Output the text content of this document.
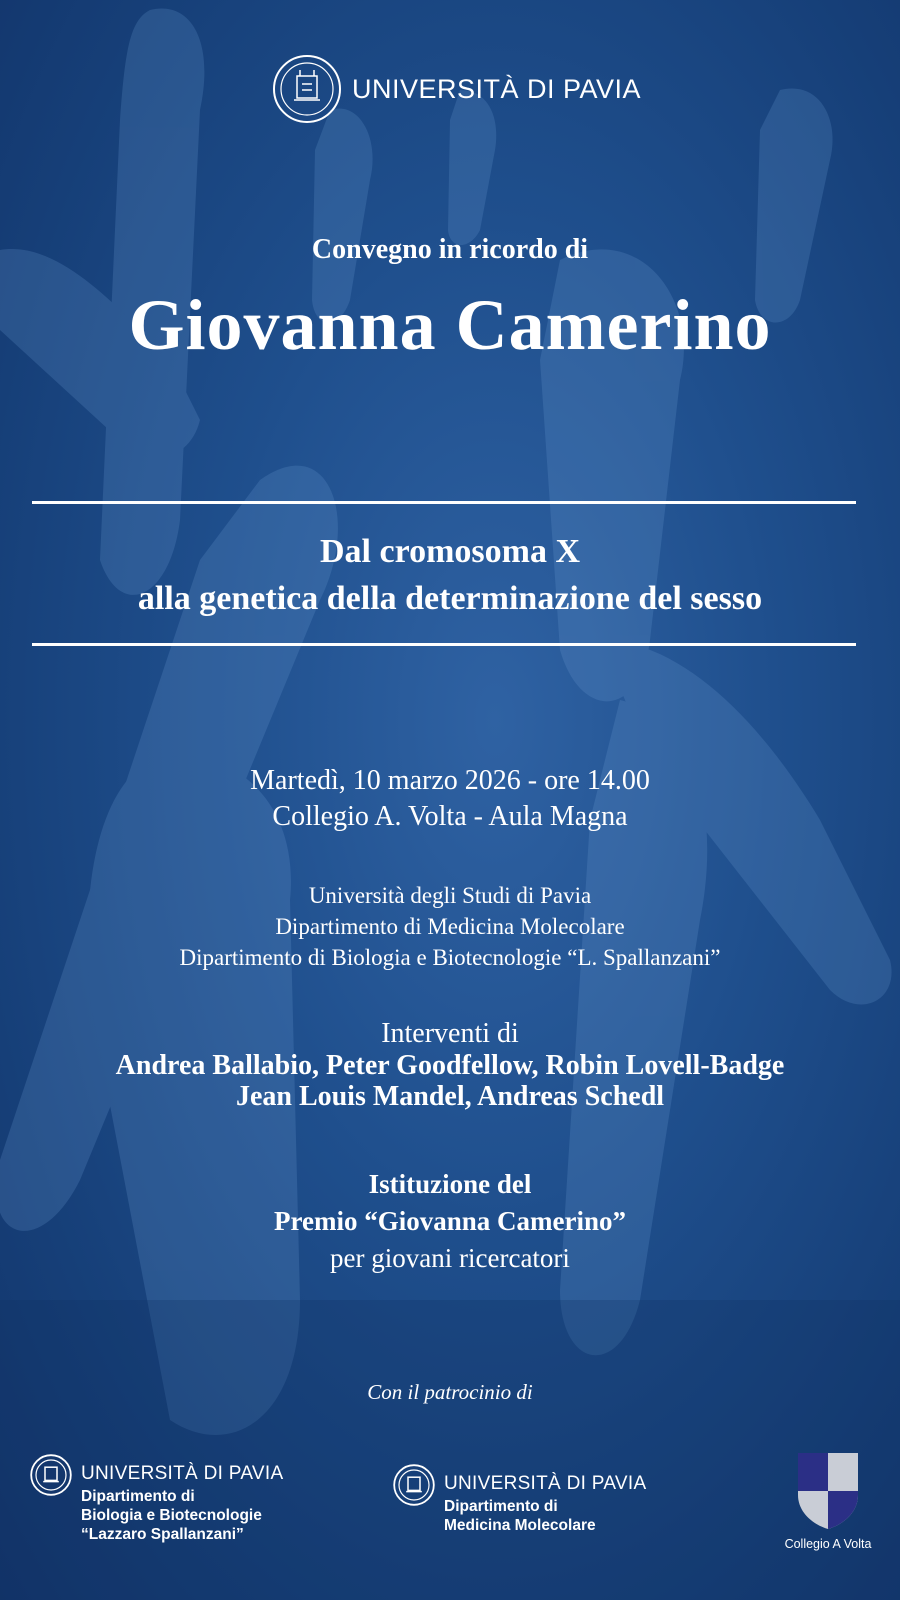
UNIVERSITÀ DI PAVIA
Convegno in ricordo di
Giovanna Camerino
Dal cromosoma X
alla genetica della determinazione del sesso
Martedì, 10 marzo 2026 - ore 14.00
Collegio A. Volta - Aula Magna
Università degli Studi di Pavia
Dipartimento di Medicina Molecolare
Dipartimento di Biologia e Biotecnologie “L. Spallanzani”
Interventi di
Andrea Ballabio, Peter Goodfellow, Robin Lovell-Badge
Jean Louis Mandel, Andreas Schedl
Istituzione del
Premio “Giovanna Camerino”
per giovani ricercatori
Con il patrocinio di
UNIVERSITÀ DI PAVIA
Dipartimento di
Biologia e Biotecnologie
“Lazzaro Spallanzani”
UNIVERSITÀ DI PAVIA
Dipartimento di
Medicina Molecolare
Collegio A Volta
